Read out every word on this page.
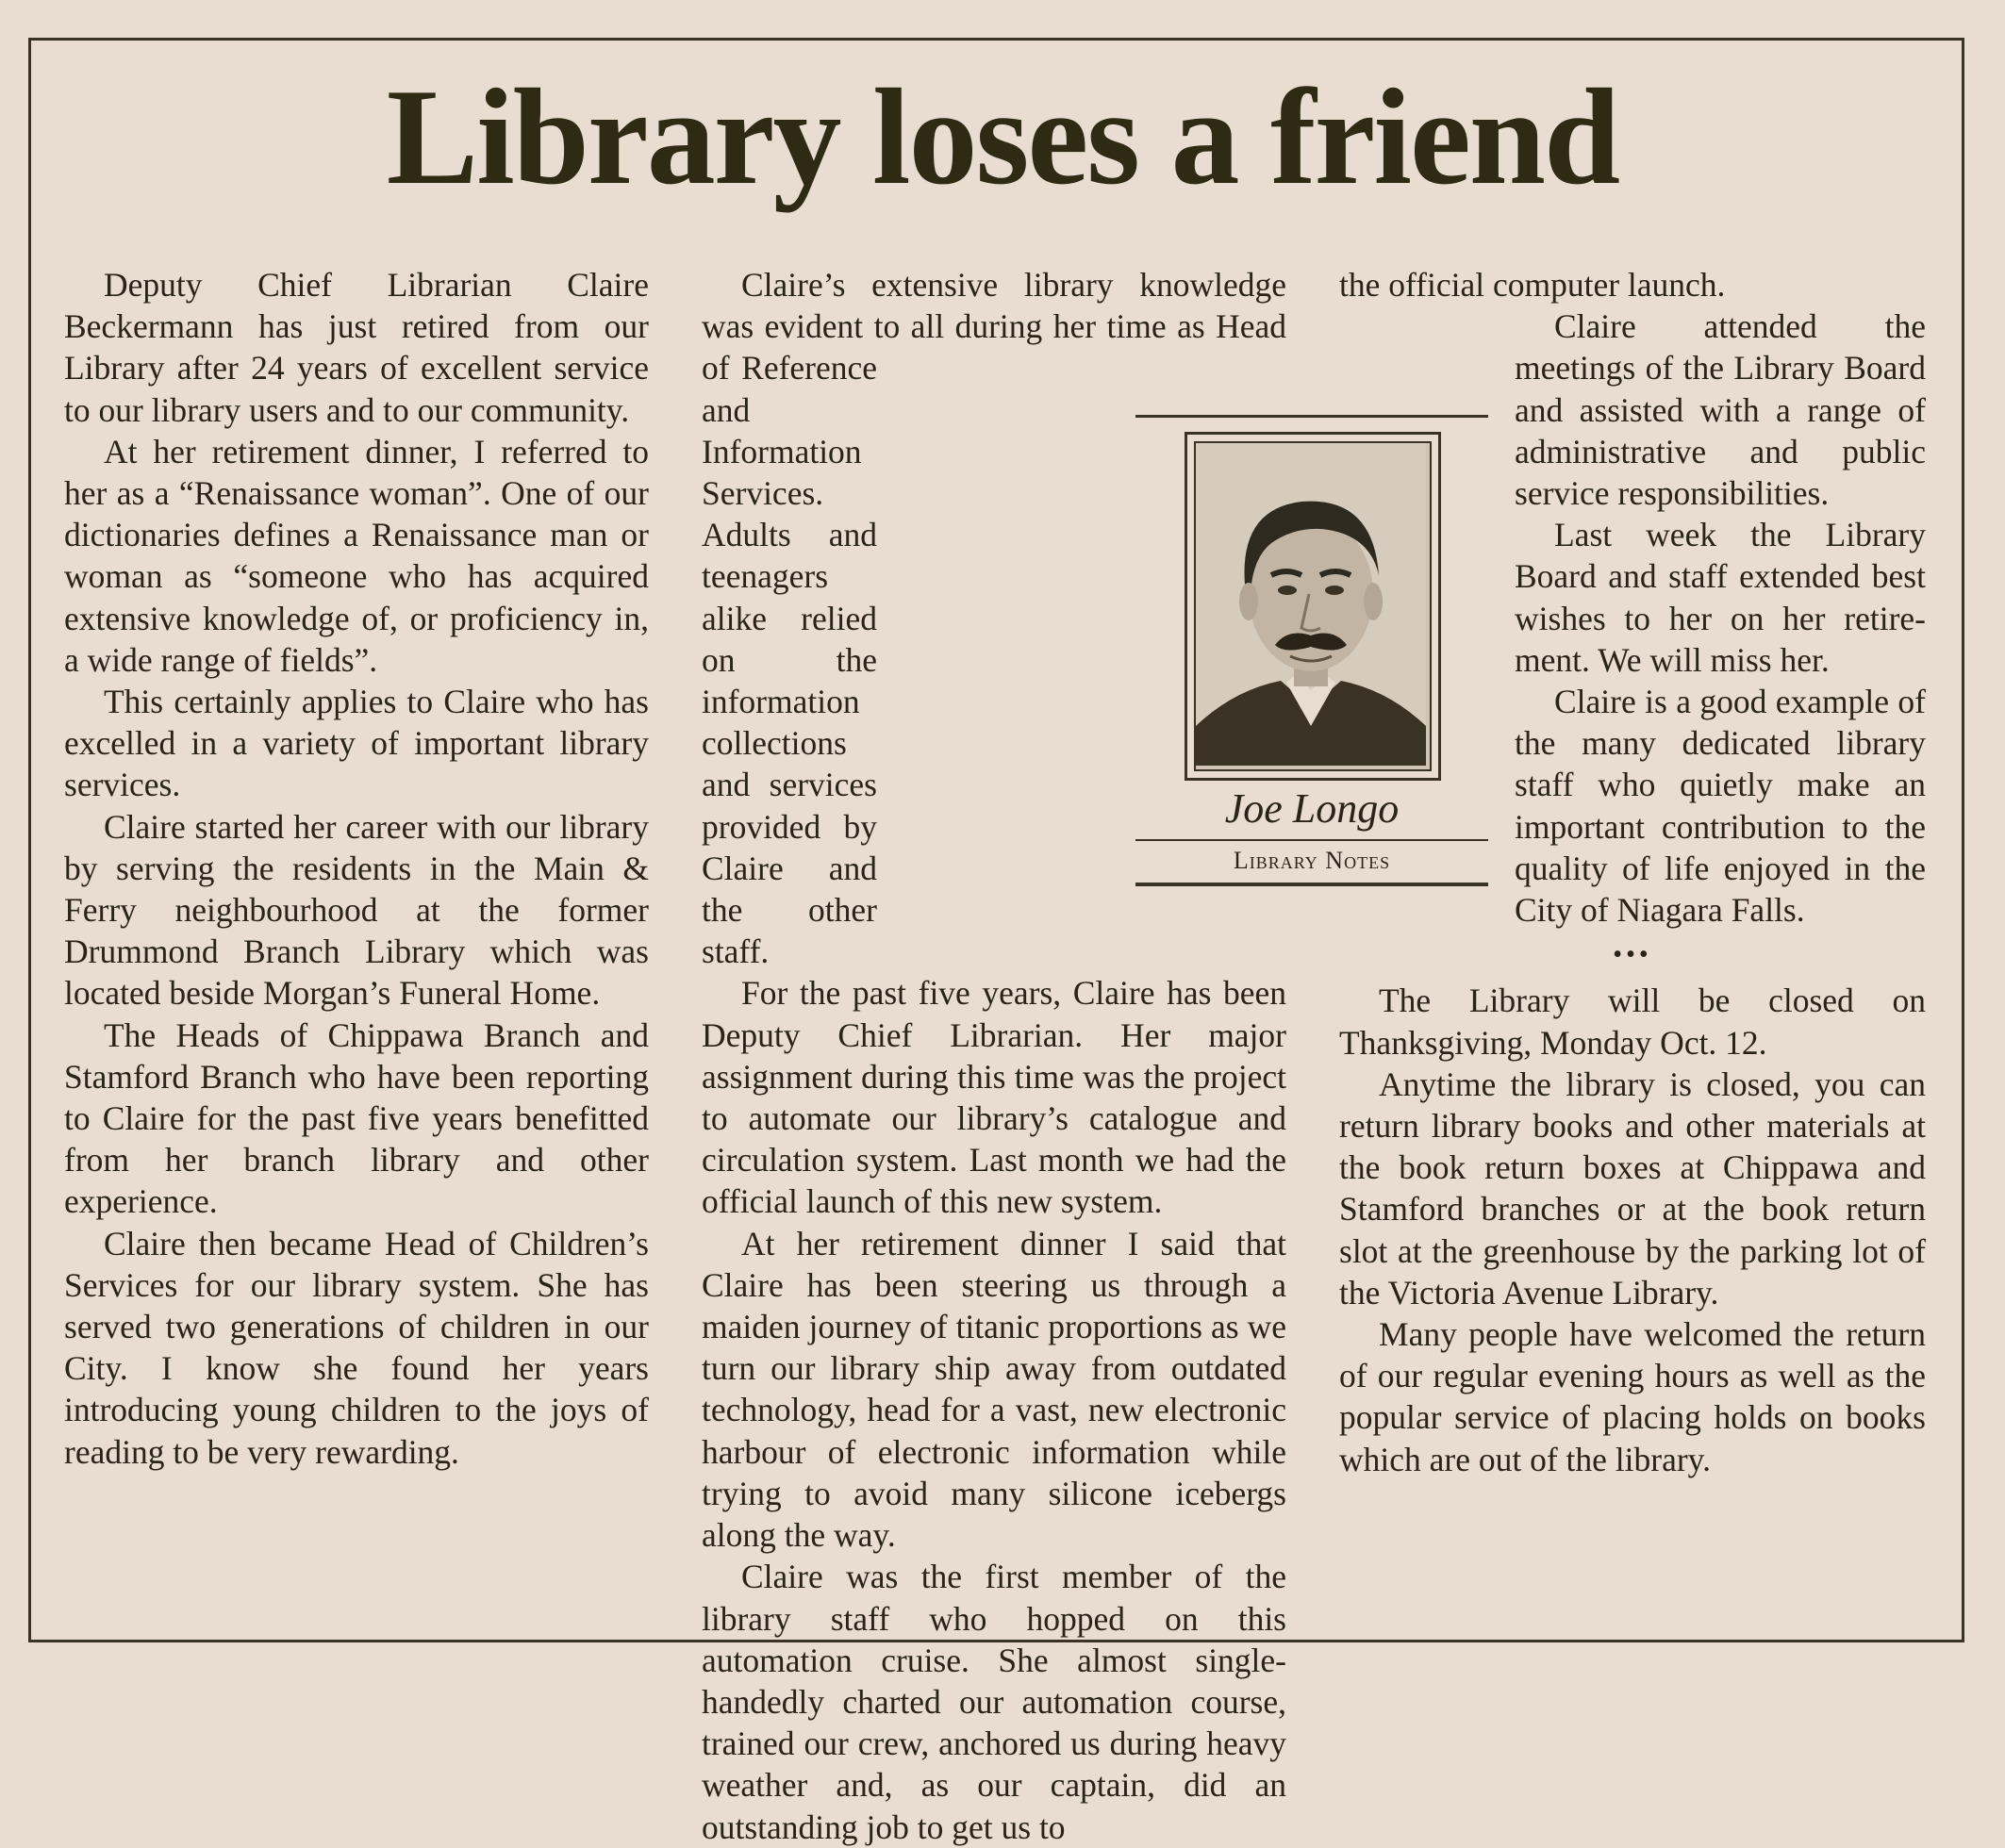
Library loses a friend

Deputy Chief Librarian Claire Beckermann has just retired from our Library after 24 years of excellent service to our library users and to our community.

At her retirement dinner, I referred to her as a “Renaissance woman”. One of our dictionaries defines a Renaissance man or woman as “someone who has acquired extensive knowledge of, or proficiency in, a wide range of fields”.

This certainly applies to Claire who has excelled in a variety of important library services.

Claire started her career with our library by serving the residents in the Main & Ferry neighbourhood at the former Drummond Branch Library which was located beside Morgan’s Funeral Home.

The Heads of Chippawa Branch and Stamford Branch who have been reporting to Claire for the past five years benefitted from her branch library and other experience.

Claire then became Head of Children’s Services for our library system. She has served two generations of children in our City. I know she found her years introducing young children to the joys of reading to be very rewarding.

Claire’s extensive library knowledge was evident to all during her time as Head of Reference and Information Services. Adults and teenagers alike relied on the information collections and services provided by Claire and the other staff.

For the past five years, Claire has been Deputy Chief Librarian. Her major assignment during this time was the project to automate our library’s catalogue and circulation system. Last month we had the official launch of this new system.

At her retirement dinner I said that Claire has been steering us through a maiden journey of titanic proportions as we turn our library ship away from outdated technology, head for a vast, new electronic harbour of electronic information while trying to avoid many silicone icebergs along the way.

Claire was the first member of the library staff who hopped on this automation cruise. She almost singlehandedly charted our automation course, trained our crew, anchored us during heavy weather and, as our captain, did an outstanding job to get us to

the official computer launch.

Claire attended the meetings of the Library Board and assisted with a range of administrative and public service responsibilities.

Last week the Library Board and staff extended best wishes to her on her retirement. We will miss her.

Claire is a good example of the many dedicated library staff who quietly make an important contribution to the quality of life enjoyed in the City of Niagara Falls.

•••

The Library will be closed on Thanksgiving, Monday Oct. 12.

Anytime the library is closed, you can return library books and other materials at the book return boxes at Chippawa and Stamford branches or at the book return slot at the greenhouse by the parking lot of the Victoria Avenue Library.

Many people have welcomed the return of our regular evening hours as well as the popular service of placing holds on books which are out of the library.

Joe Longo
Library Notes
